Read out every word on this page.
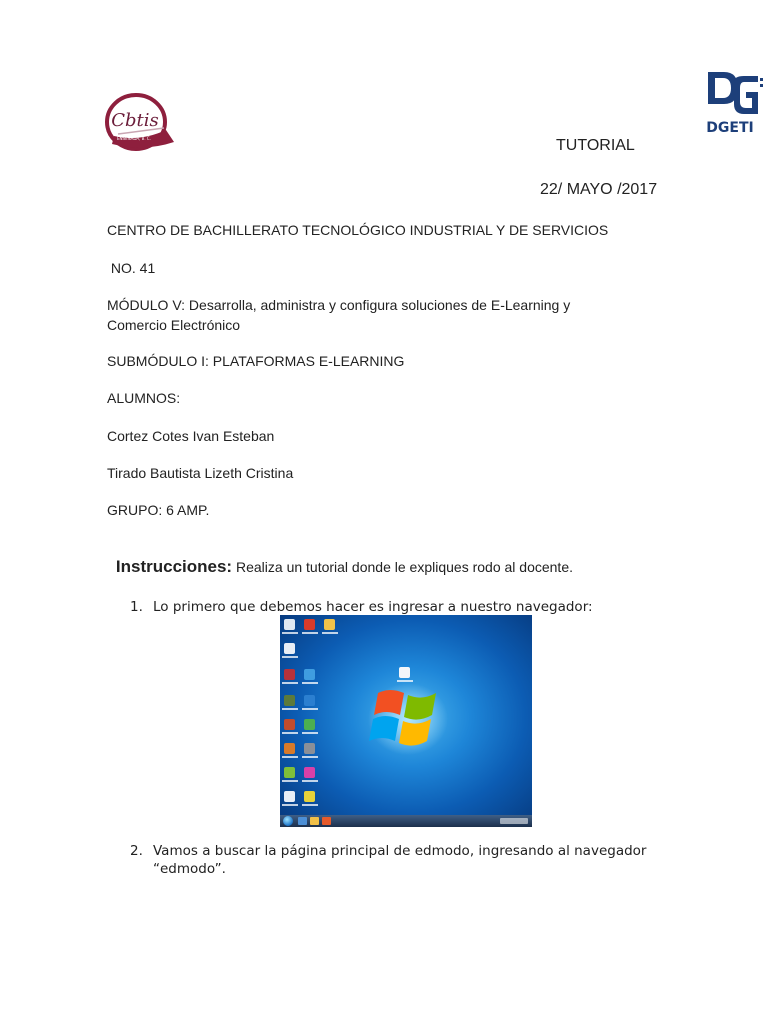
Cbtis
ENSENADA, B. C.
DGETI
TUTORIAL
22/ MAYO /2017
CENTRO DE BACHILLERATO TECNOLÓGICO INDUSTRIAL Y DE SERVICIOS
NO. 41
MÓDULO V: Desarrolla, administra y configura soluciones de E-Learning y
Comercio Electrónico
SUBMÓDULO I: PLATAFORMAS E-LEARNING
ALUMNOS:
Cortez Cotes Ivan Esteban
Tirado Bautista Lizeth Cristina
GRUPO: 6 AMP.

Instrucciones: Realiza un tutorial donde le expliques rodo al docente.

1. Lo primero que debemos hacer es ingresar a nuestro navegador:
2. Vamos a buscar la página principal de edmodo, ingresando al navegador
“edmodo”.
